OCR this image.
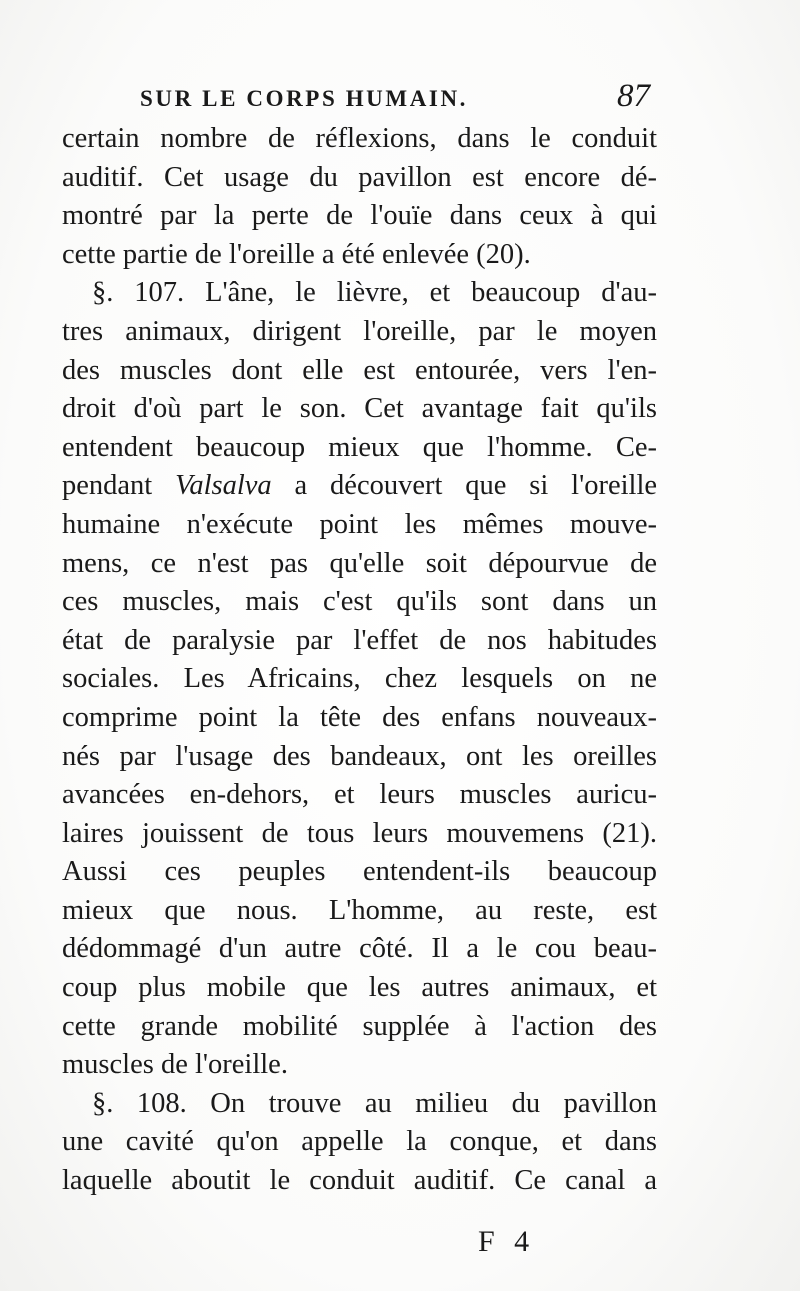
SUR LE CORPS HUMAIN.	87
certain nombre de réflexions, dans le conduit
auditif. Cet usage du pavillon est encore dé-
montré par la perte de l'ouïe dans ceux à qui
cette partie de l'oreille a été enlevée (20).
§. 107. L'âne, le lièvre, et beaucoup d'au-
tres animaux, dirigent l'oreille, par le moyen
des muscles dont elle est entourée, vers l'en-
droit d'où part le son. Cet avantage fait qu'ils
entendent beaucoup mieux que l'homme. Ce-
pendant Valsalva a découvert que si l'oreille
humaine n'exécute point les mêmes mouve-
mens, ce n'est pas qu'elle soit dépourvue de
ces muscles, mais c'est qu'ils sont dans un
état de paralysie par l'effet de nos habitudes
sociales. Les Africains, chez lesquels on ne
comprime point la tête des enfans nouveaux-
nés par l'usage des bandeaux, ont les oreilles
avancées en-dehors, et leurs muscles auricu-
laires jouissent de tous leurs mouvemens (21).
Aussi ces peuples entendent-ils beaucoup
mieux que nous. L'homme, au reste, est
dédommagé d'un autre côté. Il a le cou beau-
coup plus mobile que les autres animaux, et
cette grande mobilité supplée à l'action des
muscles de l'oreille.
§. 108. On trouve au milieu du pavillon
une cavité qu'on appelle la conque, et dans
laquelle aboutit le conduit auditif. Ce canal a
F 4
